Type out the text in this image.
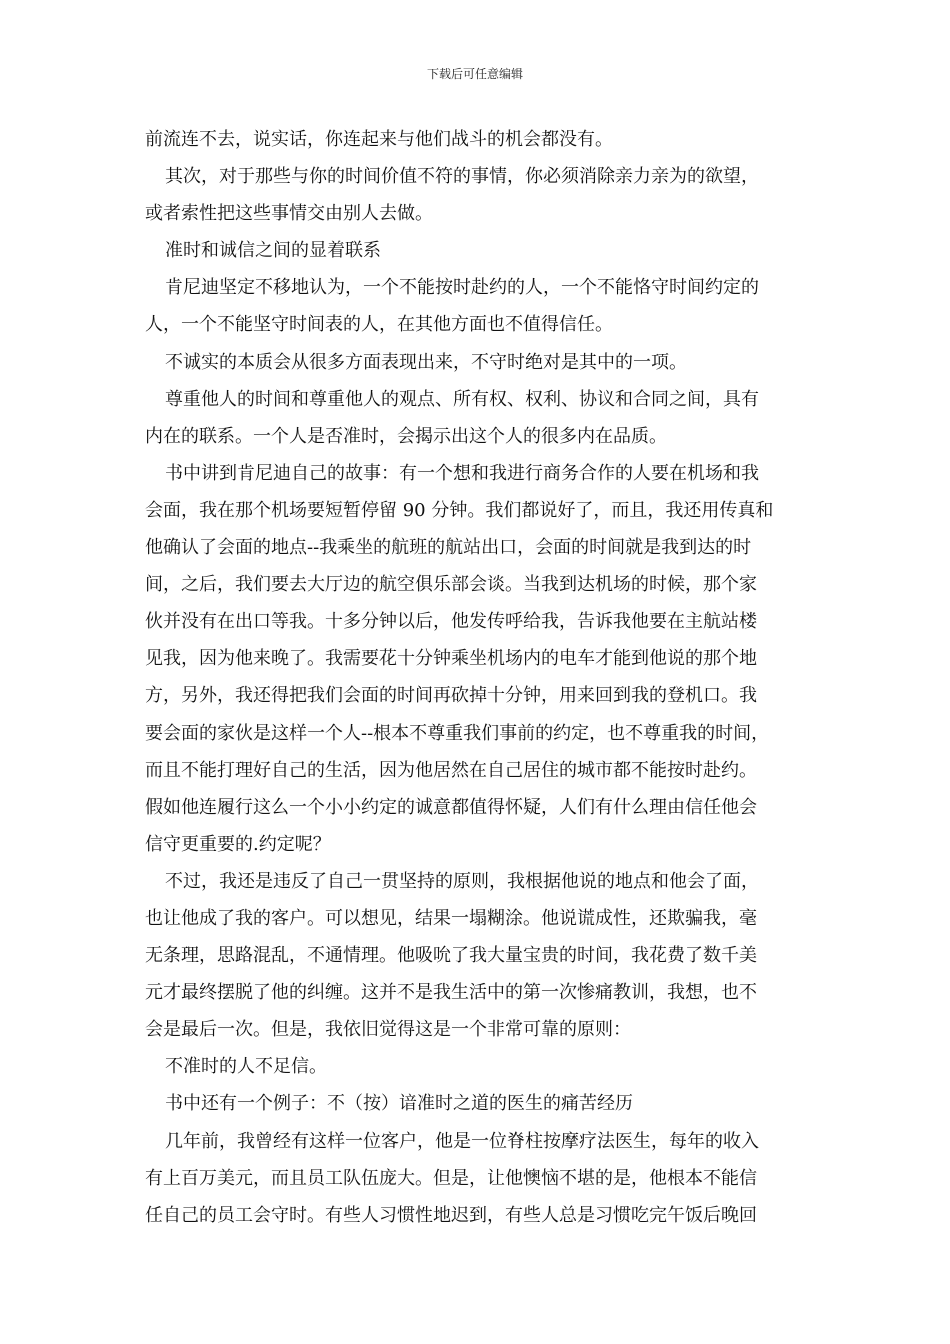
下载后可任意编辑
前流连不去，说实话，你连起来与他们战斗的机会都没有。
其次，对于那些与你的时间价值不符的事情，你必须消除亲力亲为的欲望，
或者索性把这些事情交由别人去做。
准时和诚信之间的显着联系
肯尼迪坚定不移地认为，一个不能按时赴约的人，一个不能恪守时间约定的
人，一个不能坚守时间表的人，在其他方面也不值得信任。
不诚实的本质会从很多方面表现出来，不守时绝对是其中的一项。
尊重他人的时间和尊重他人的观点、所有权、权利、协议和合同之间，具有
内在的联系。一个人是否准时，会揭示出这个人的很多内在品质。
书中讲到肯尼迪自己的故事：有一个想和我进行商务合作的人要在机场和我
会面，我在那个机场要短暂停留 90 分钟。我们都说好了，而且，我还用传真和
他确认了会面的地点--我乘坐的航班的航站出口，会面的时间就是我到达的时
间，之后，我们要去大厅边的航空俱乐部会谈。当我到达机场的时候，那个家
伙并没有在出口等我。十多分钟以后，他发传呼给我，告诉我他要在主航站楼
见我，因为他来晚了。我需要花十分钟乘坐机场内的电车才能到他说的那个地
方，另外，我还得把我们会面的时间再砍掉十分钟，用来回到我的登机口。我
要会面的家伙是这样一个人--根本不尊重我们事前的约定，也不尊重我的时间，
而且不能打理好自己的生活，因为他居然在自己居住的城市都不能按时赴约。
假如他连履行这么一个小小约定的诚意都值得怀疑，人们有什么理由信任他会
信守更重要的.约定呢？
不过，我还是违反了自己一贯坚持的原则，我根据他说的地点和他会了面，
也让他成了我的客户。可以想见，结果一塌糊涂。他说谎成性，还欺骗我，毫
无条理，思路混乱，不通情理。他吸吮了我大量宝贵的时间，我花费了数千美
元才最终摆脱了他的纠缠。这并不是我生活中的第一次惨痛教训，我想，也不
会是最后一次。但是，我依旧觉得这是一个非常可靠的原则：
不准时的人不足信。
书中还有一个例子：不（按）谙准时之道的医生的痛苦经历
几年前，我曾经有这样一位客户，他是一位脊柱按摩疗法医生，每年的收入
有上百万美元，而且员工队伍庞大。但是，让他懊恼不堪的是，他根本不能信
任自己的员工会守时。有些人习惯性地迟到，有些人总是习惯吃完午饭后晚回
